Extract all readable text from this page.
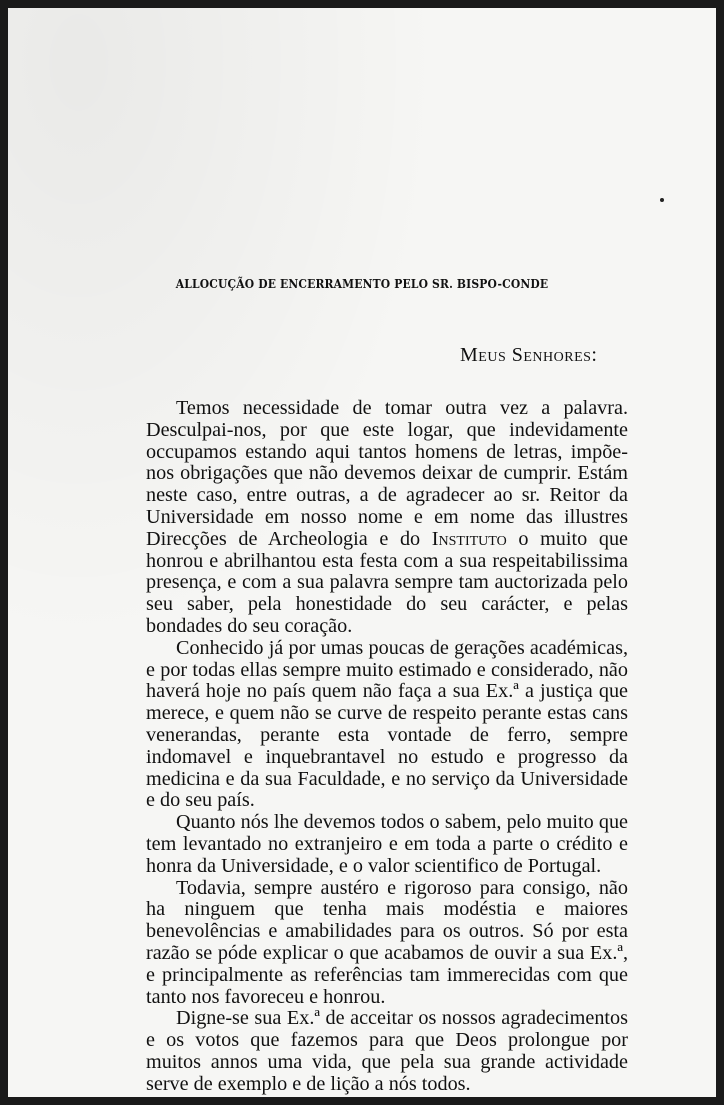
ALLOCUÇÃO DE ENCERRAMENTO PELO SR. BISPO-CONDE
Meus Senhores:

Temos necessidade de tomar outra vez a palavra. Desculpai-nos, por que este logar, que indevidamente occupamos estando aqui tantos homens de letras, impõe-nos obrigações que não devemos deixar de cumprir. Estám neste caso, entre outras, a de agradecer ao sr. Reitor da Universidade em nosso nome e em nome das illustres Direcções de Archeologia e do Instituto o muito que honrou e abrilhantou esta festa com a sua respeitabilissima presença, e com a sua palavra sempre tam auctorizada pelo seu saber, pela honestidade do seu carácter, e pelas bondades do seu coração.

Conhecido já por umas poucas de gerações académicas, e por todas ellas sempre muito estimado e considerado, não haverá hoje no país quem não faça a sua Ex.ª a justiça que merece, e quem não se curve de respeito perante estas cans venerandas, perante esta vontade de ferro, sempre indomavel e inquebrantavel no estudo e progresso da medicina e da sua Faculdade, e no serviço da Universidade e do seu país.

Quanto nós lhe devemos todos o sabem, pelo muito que tem levantado no extranjeiro e em toda a parte o crédito e honra da Universidade, e o valor scientifico de Portugal.

Todavia, sempre austéro e rigoroso para consigo, não ha ninguem que tenha mais modéstia e maiores benevolências e amabilidades para os outros. Só por esta razão se póde explicar o que acabamos de ouvir a sua Ex.ª, e principalmente as referências tam immerecidas com que tanto nos favoreceu e honrou.

Digne-se sua Ex.ª de acceitar os nossos agradecimentos e os votos que fazemos para que Deos prolongue por muitos annos uma vida, que pela sua grande actividade serve de exemplo e de lição a nós todos.
